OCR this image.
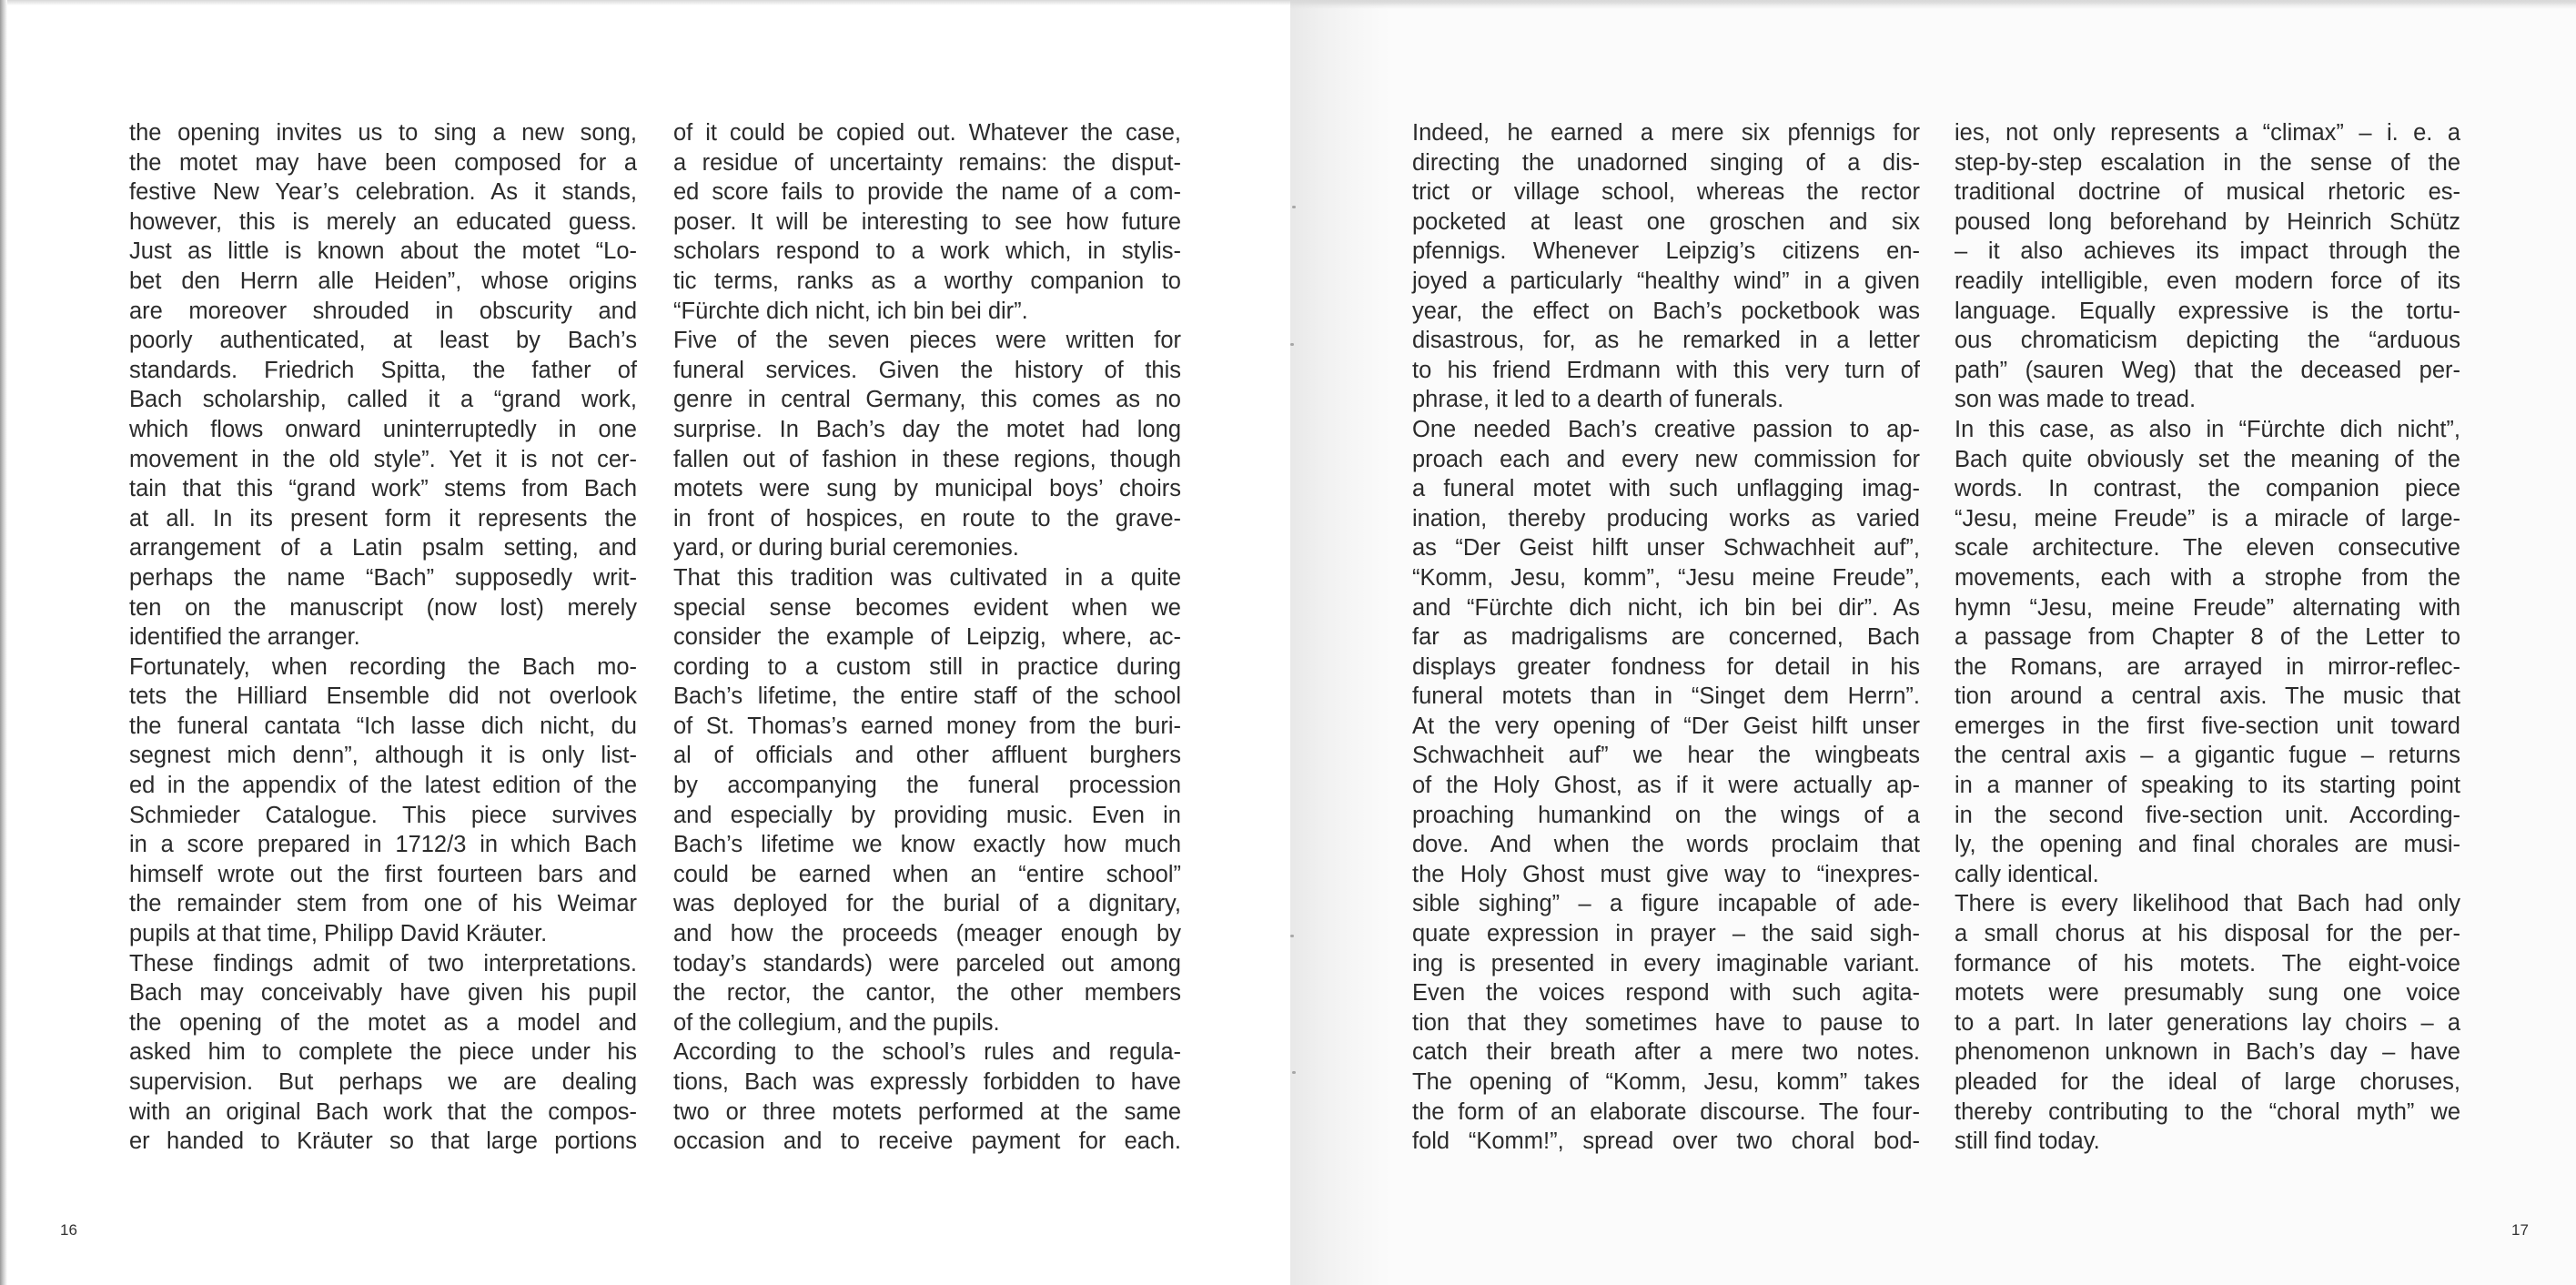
the opening invites us to sing a new song,
the motet may have been composed for a
festive New Year’s celebration. As it stands,
however, this is merely an educated guess.
Just as little is known about the motet “Lo-
bet den Herrn alle Heiden”, whose origins
are moreover shrouded in obscurity and
poorly authenticated, at least by Bach’s
standards. Friedrich Spitta, the father of
Bach scholarship, called it a “grand work,
which flows onward uninterruptedly in one
movement in the old style”. Yet it is not cer-
tain that this “grand work” stems from Bach
at all. In its present form it represents the
arrangement of a Latin psalm setting, and
perhaps the name “Bach” supposedly writ-
ten on the manuscript (now lost) merely
identified the arranger.
Fortunately, when recording the Bach mo-
tets the Hilliard Ensemble did not overlook
the funeral cantata “Ich lasse dich nicht, du
segnest mich denn”, although it is only list-
ed in the appendix of the latest edition of the
Schmieder Catalogue. This piece survives
in a score prepared in 1712/3 in which Bach
himself wrote out the first fourteen bars and
the remainder stem from one of his Weimar
pupils at that time, Philipp David Kräuter.
These findings admit of two interpretations.
Bach may conceivably have given his pupil
the opening of the motet as a model and
asked him to complete the piece under his
supervision. But perhaps we are dealing
with an original Bach work that the compos-
er handed to Kräuter so that large portions
of it could be copied out. Whatever the case,
a residue of uncertainty remains: the disput-
ed score fails to provide the name of a com-
poser. It will be interesting to see how future
scholars respond to a work which, in stylis-
tic terms, ranks as a worthy companion to
“Fürchte dich nicht, ich bin bei dir”.
Five of the seven pieces were written for
funeral services. Given the history of this
genre in central Germany, this comes as no
surprise. In Bach’s day the motet had long
fallen out of fashion in these regions, though
motets were sung by municipal boys’ choirs
in front of hospices, en route to the grave-
yard, or during burial ceremonies.
That this tradition was cultivated in a quite
special sense becomes evident when we
consider the example of Leipzig, where, ac-
cording to a custom still in practice during
Bach’s lifetime, the entire staff of the school
of St. Thomas’s earned money from the buri-
al of officials and other affluent burghers
by accompanying the funeral procession
and especially by providing music. Even in
Bach’s lifetime we know exactly how much
could be earned when an “entire school”
was deployed for the burial of a dignitary,
and how the proceeds (meager enough by
today’s standards) were parceled out among
the rector, the cantor, the other members
of the collegium, and the pupils.
According to the school’s rules and regula-
tions, Bach was expressly forbidden to have
two or three motets performed at the same
occasion and to receive payment for each.
Indeed, he earned a mere six pfennigs for
directing the unadorned singing of a dis-
trict or village school, whereas the rector
pocketed at least one groschen and six
pfennigs. Whenever Leipzig’s citizens en-
joyed a particularly “healthy wind” in a given
year, the effect on Bach’s pocketbook was
disastrous, for, as he remarked in a letter
to his friend Erdmann with this very turn of
phrase, it led to a dearth of funerals.
One needed Bach’s creative passion to ap-
proach each and every new commission for
a funeral motet with such unflagging imag-
ination, thereby producing works as varied
as “Der Geist hilft unser Schwachheit auf”,
“Komm, Jesu, komm”, “Jesu meine Freude”,
and “Fürchte dich nicht, ich bin bei dir”. As
far as madrigalisms are concerned, Bach
displays greater fondness for detail in his
funeral motets than in “Singet dem Herrn”.
At the very opening of “Der Geist hilft unser
Schwachheit auf” we hear the wingbeats
of the Holy Ghost, as if it were actually ap-
proaching humankind on the wings of a
dove. And when the words proclaim that
the Holy Ghost must give way to “inexpres-
sible sighing” – a figure incapable of ade-
quate expression in prayer – the said sigh-
ing is presented in every imaginable variant.
Even the voices respond with such agita-
tion that they sometimes have to pause to
catch their breath after a mere two notes.
The opening of “Komm, Jesu, komm” takes
the form of an elaborate discourse. The four-
fold “Komm!”, spread over two choral bod-
ies, not only represents a “climax” – i. e. a
step-by-step escalation in the sense of the
traditional doctrine of musical rhetoric es-
poused long beforehand by Heinrich Schütz
– it also achieves its impact through the
readily intelligible, even modern force of its
language. Equally expressive is the tortu-
ous chromaticism depicting the “arduous
path” (sauren Weg) that the deceased per-
son was made to tread.
In this case, as also in “Fürchte dich nicht”,
Bach quite obviously set the meaning of the
words. In contrast, the companion piece
“Jesu, meine Freude” is a miracle of large-
scale architecture. The eleven consecutive
movements, each with a strophe from the
hymn “Jesu, meine Freude” alternating with
a passage from Chapter 8 of the Letter to
the Romans, are arrayed in mirror-reflec-
tion around a central axis. The music that
emerges in the first five-section unit toward
the central axis – a gigantic fugue – returns
in a manner of speaking to its starting point
in the second five-section unit. According-
ly, the opening and final chorales are musi-
cally identical.
There is every likelihood that Bach had only
a small chorus at his disposal for the per-
formance of his motets. The eight-voice
motets were presumably sung one voice
to a part. In later generations lay choirs – a
phenomenon unknown in Bach’s day – have
pleaded for the ideal of large choruses,
thereby contributing to the “choral myth” we
still find today.
16	17
